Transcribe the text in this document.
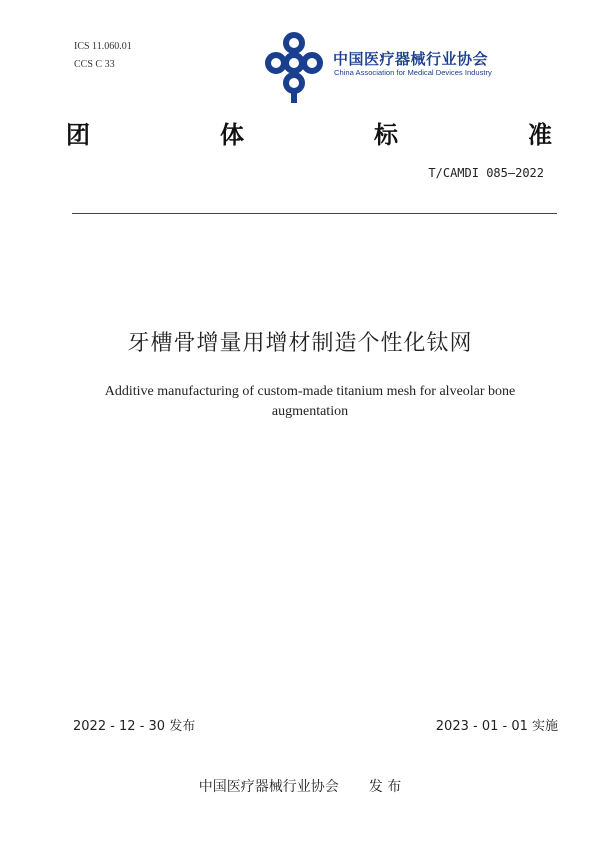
ICS 11.060.01
CCS C 33	中国医疗器械行业协会
China Association for Medical Devices Industry
团	体	标	准
T/CAMDI 085—2022
牙槽骨增量用增材制造个性化钛网
Additive manufacturing of custom-made titanium mesh for alveolar bone augmentation
2022 - 12 - 30 发布	2023 - 01 - 01 实施
中国医疗器械行业协会 发 布
